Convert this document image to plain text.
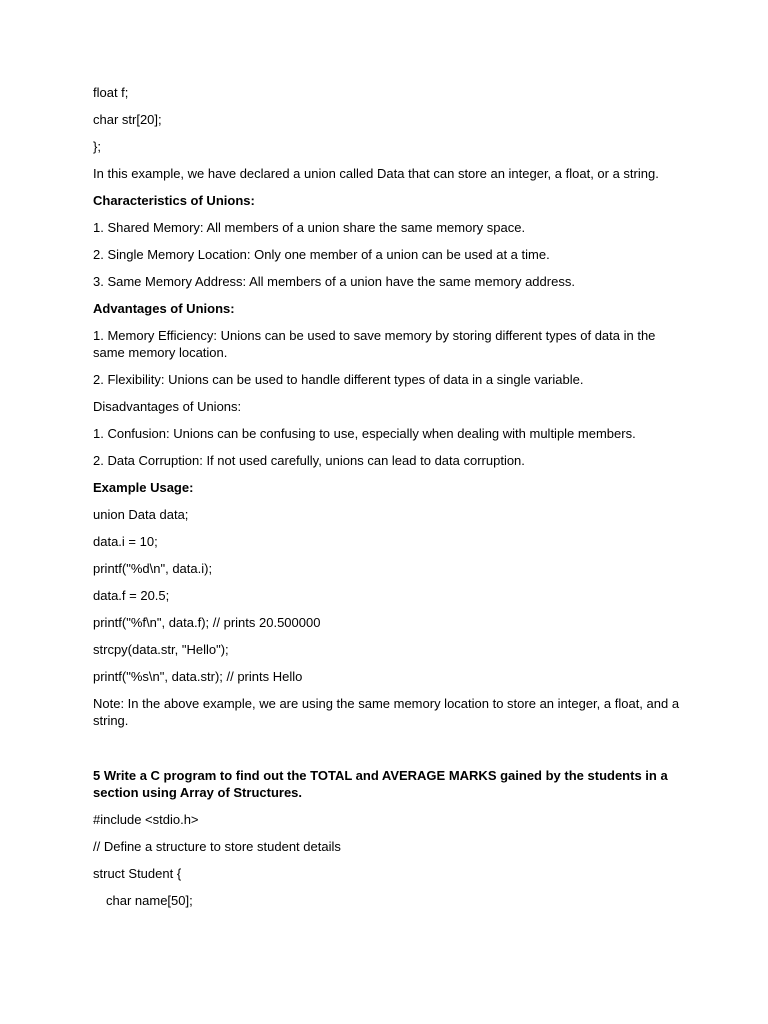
float f;

char str[20];

};

In this example, we have declared a union called Data that can store an integer, a float, or a string.

Characteristics of Unions:

1. Shared Memory: All members of a union share the same memory space.

2. Single Memory Location: Only one member of a union can be used at a time.

3. Same Memory Address: All members of a union have the same memory address.

Advantages of Unions:

1. Memory Efficiency: Unions can be used to save memory by storing different types of data in the same memory location.

2. Flexibility: Unions can be used to handle different types of data in a single variable.

Disadvantages of Unions:

1. Confusion: Unions can be confusing to use, especially when dealing with multiple members.

2. Data Corruption: If not used carefully, unions can lead to data corruption.

Example Usage:

union Data data;

data.i = 10;

printf("%d\n", data.i);

data.f = 20.5;

printf("%f\n", data.f); // prints 20.500000

strcpy(data.str, "Hello");

printf("%s\n", data.str); // prints Hello

Note: In the above example, we are using the same memory location to store an integer, a float, and a string.

5 Write a C program to find out the TOTAL and AVERAGE MARKS gained by the students in a section using Array of Structures.

#include <stdio.h>

// Define a structure to store student details

struct Student {

char name[50];
